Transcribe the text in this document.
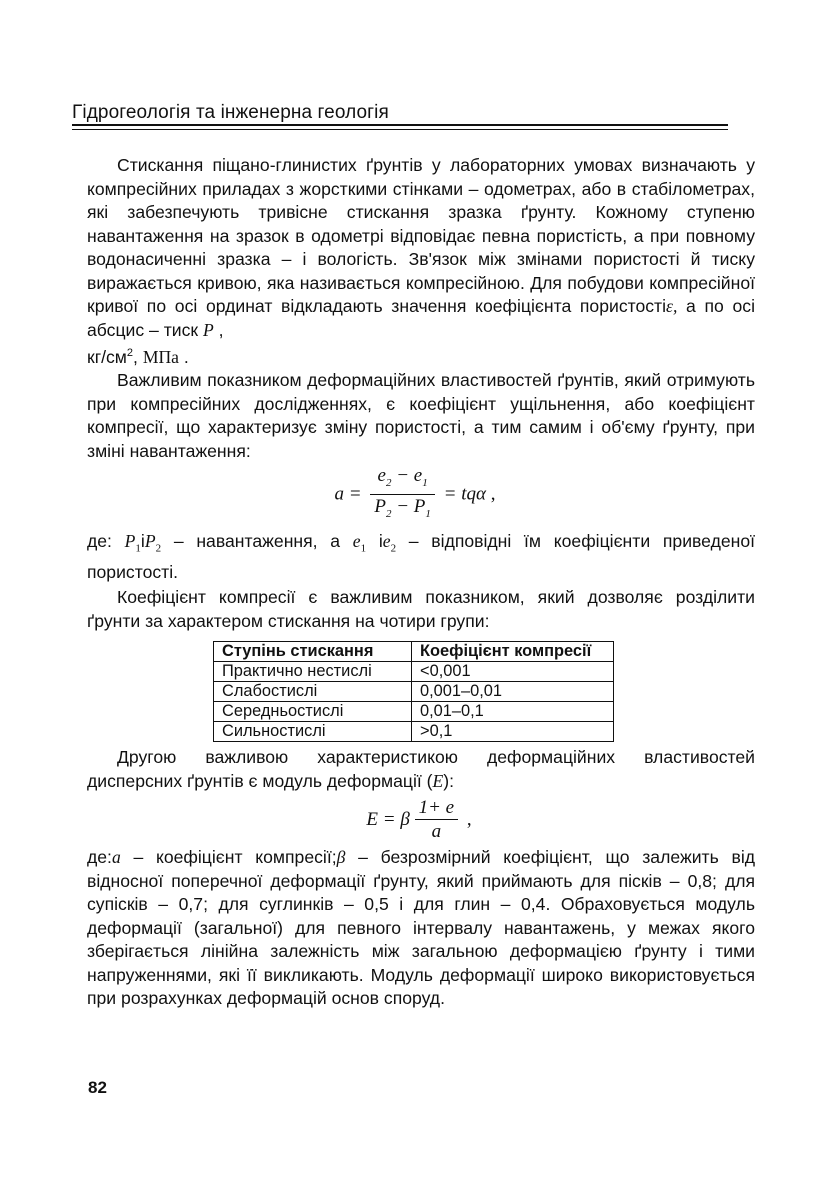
Гідрогеологія та інженерна геологія

Стискання піщано-глинистих ґрунтів у лабораторних умовах визначають у компресійних приладах з жорсткими стінками – одометрах, або в стабілометрах, які забезпечують тривісне стискання зразка ґрунту. Кожному ступеню навантаження на зразок в одометрі відповідає певна пористість, а при повному водонасиченні зразка – і вологість. Зв'язок між змінами пористості й тиску виражається кривою, яка називається компресійною. Для побудови компресійної кривої по осі ординат відкладають значення коефіцієнта пористостіε, а по осі абсцис – тиск P ,
$кг/см^2$, МПа .

Важливим показником деформаційних властивостей ґрунтів, який отримують при компресійних дослідженнях, є коефіцієнт ущільнення, або коефіцієнт компресії, що характеризує зміну пористості, а тим самим і об'єму ґрунту, при зміні навантаження:

$a = \frac{e_2 - e_1}{P_2 - P_1} = tq\alpha$ ,

де: $P_1іP_2$ – навантаження, а $e_1$ $іe_2$ – відповідні їм коефіцієнти приведеної пористості.

Коефіцієнт компресії є важливим показником, який дозволяє розділити ґрунти за характером стискання на чотири групи:

Ступінь стискання	Коефіцієнт компресії
Практично нестислі	<0,001
Слабостислі	0,001–0,01
Середньостислі	0,01–0,1
Сильностислі	>0,1

Другою важливою характеристикою деформаційних властивостей дисперсних ґрунтів є модуль деформації (E):

E = β $\frac{1+ e}{a}$ ,

де:a – коефіцієнт компресії;β – безрозмірний коефіцієнт, що залежить від відносної поперечної деформації ґрунту, який приймають для пісків – 0,8; для супісків – 0,7; для суглинків – 0,5 і для глин – 0,4. Обраховується модуль деформації (загальної) для певного інтервалу навантажень, у межах якого зберігається лінійна залежність між загальною деформацією ґрунту і тими напруженнями, які її викликають. Модуль деформації широко використовується при розрахунках деформацій основ споруд.

82
